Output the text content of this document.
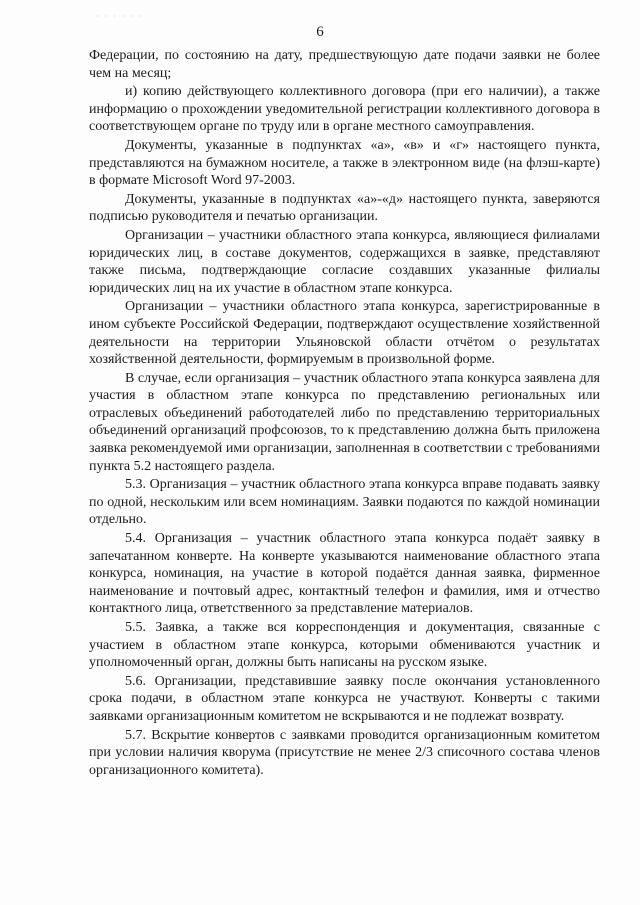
· · · · · ·
6

Федерации, по состоянию на дату, предшествующую дате подачи заявки не более чем на месяц;

и) копию действующего коллективного договора (при его наличии), а также информацию о прохождении уведомительной регистрации коллективного договора в соответствующем органе по труду или в органе местного самоуправления.

Документы, указанные в подпунктах «а», «в» и «г» настоящего пункта, представляются на бумажном носителе, а также в электронном виде (на флэш-карте) в формате Microsoft Word 97-2003.

Документы, указанные в подпунктах «а»-«д» настоящего пункта, заверяются подписью руководителя и печатью организации.

Организации – участники областного этапа конкурса, являющиеся филиалами юридических лиц, в составе документов, содержащихся в заявке, представляют также письма, подтверждающие согласие создавших указанные филиалы юридических лиц на их участие в областном этапе конкурса.

Организации – участники областного этапа конкурса, зарегистрированные в ином субъекте Российской Федерации, подтверждают осуществление хозяйственной деятельности на территории Ульяновской области отчётом о результатах хозяйственной деятельности, формируемым в произвольной форме.

В случае, если организация – участник областного этапа конкурса заявлена для участия в областном этапе конкурса по представлению региональных или отраслевых объединений работодателей либо по представлению территориальных объединений организаций профсоюзов, то к представлению должна быть приложена заявка рекомендуемой ими организации, заполненная в соответствии с требованиями пункта 5.2 настоящего раздела.

5.3. Организация – участник областного этапа конкурса вправе подавать заявку по одной, нескольким или всем номинациям. Заявки подаются по каждой номинации отдельно.

5.4. Организация – участник областного этапа конкурса подаёт заявку в запечатанном конверте. На конверте указываются наименование областного этапа конкурса, номинация, на участие в которой подаётся данная заявка, фирменное наименование и почтовый адрес, контактный телефон и фамилия, имя и отчество контактного лица, ответственного за представление материалов.

5.5. Заявка, а также вся корреспонденция и документация, связанные с участием в областном этапе конкурса, которыми обмениваются участник и уполномоченный орган, должны быть написаны на русском языке.

5.6. Организации, представившие заявку после окончания установленного срока подачи, в областном этапе конкурса не участвуют. Конверты с такими заявками организационным комитетом не вскрываются и не подлежат возврату.

5.7. Вскрытие конвертов с заявками проводится организационным комитетом при условии наличия кворума (присутствие не менее 2/3 списочного состава членов организационного комитета).
